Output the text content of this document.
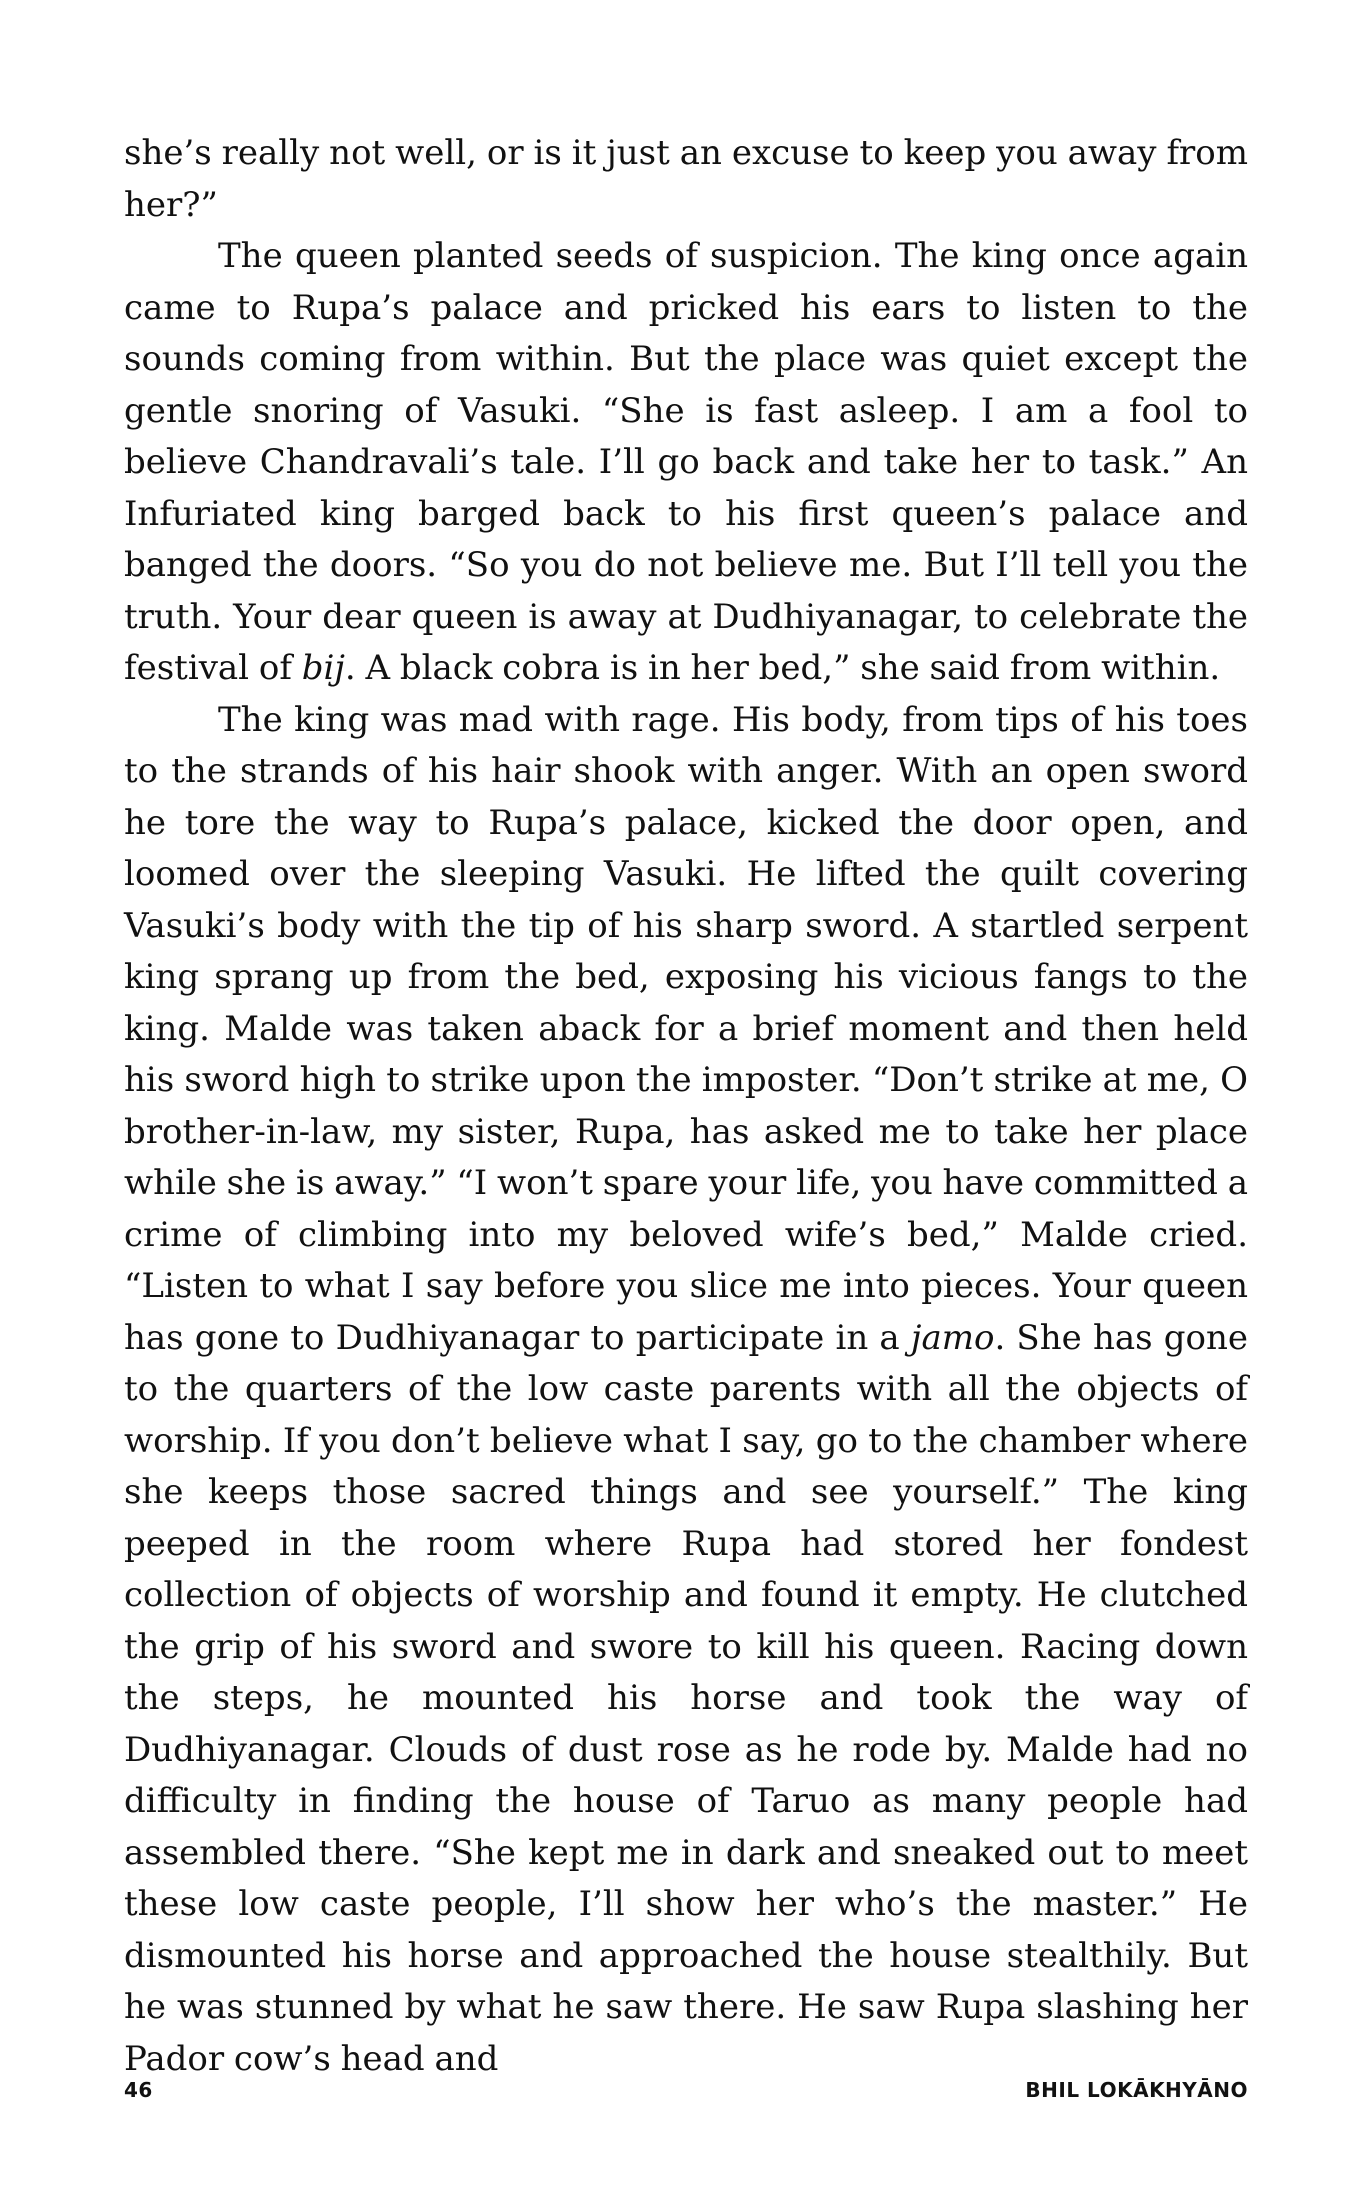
she’s really not well, or is it just an excuse to keep you away from her?”

The queen planted seeds of suspicion. The king once again came to Rupa’s palace and pricked his ears to listen to the sounds coming from within. But the place was quiet except the gentle snoring of Vasuki. “She is fast asleep. I am a fool to believe Chandravali’s tale. I’ll go back and take her to task.” An Infuriated king barged back to his first queen’s palace and banged the doors. “So you do not believe me. But I’ll tell you the truth. Your dear queen is away at Dudhiyanagar, to celebrate the festival of bij. A black cobra is in her bed,” she said from within.

The king was mad with rage. His body, from tips of his toes to the strands of his hair shook with anger. With an open sword he tore the way to Rupa’s palace, kicked the door open, and loomed over the sleeping Vasuki. He lifted the quilt covering Vasuki’s body with the tip of his sharp sword. A startled serpent king sprang up from the bed, exposing his vicious fangs to the king. Malde was taken aback for a brief moment and then held his sword high to strike upon the imposter. “Don’t strike at me, O brother-in-law, my sister, Rupa, has asked me to take her place while she is away.” “I won’t spare your life, you have committed a crime of climbing into my beloved wife’s bed,” Malde cried. “Listen to what I say before you slice me into pieces. Your queen has gone to Dudhiyanagar to participate in a jamo. She has gone to the quarters of the low caste parents with all the objects of worship. If you don’t believe what I say, go to the chamber where she keeps those sacred things and see yourself.” The king peeped in the room where Rupa had stored her fondest collection of objects of worship and found it empty. He clutched the grip of his sword and swore to kill his queen. Racing down the steps, he mounted his horse and took the way of Dudhiyanagar. Clouds of dust rose as he rode by. Malde had no difficulty in finding the house of Taruo as many people had assembled there. “She kept me in dark and sneaked out to meet these low caste people, I’ll show her who’s the master.” He dismounted his horse and approached the house stealthily. But he was stunned by what he saw there. He saw Rupa slashing her Pador cow’s head and

46	BHIL LOKĀKHYĀNO
